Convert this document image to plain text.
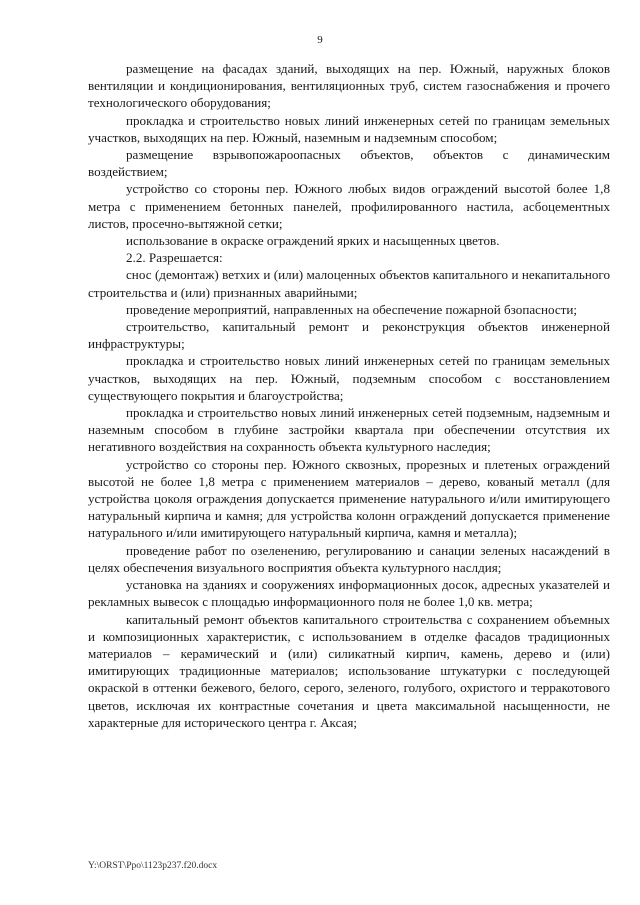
9

размещение на фасадах зданий, выходящих на пер. Южный, наружных блоков вентиляции и кондиционирования, вентиляционных труб, систем газоснабжения и прочего технологического оборудования;

прокладка и строительство новых линий инженерных сетей по границам земельных участков, выходящих на пер. Южный, наземным и надземным способом;

размещение взрывопожароопасных объектов, объектов с динамическим воздействием;

устройство со стороны пер. Южного любых видов ограждений высотой более 1,8 метра с применением бетонных панелей, профилированного настила, асбоцементных листов, просечно-вытяжной сетки;

использование в окраске ограждений ярких и насыщенных цветов.

2.2. Разрешается:

снос (демонтаж) ветхих и (или) малоценных объектов капитального и некапитального строительства и (или) признанных аварийными;

проведение мероприятий, направленных на обеспечение пожарной бзопасности;

строительство, капитальный ремонт и реконструкция объектов инженерной инфраструктуры;

прокладка и строительство новых линий инженерных сетей по границам земельных участков, выходящих на пер. Южный, подземным способом с восстановлением существующего покрытия и благоустройства;

прокладка и строительство новых линий инженерных сетей подземным, надземным и наземным способом в глубине застройки квартала при обеспечении отсутствия их негативного воздействия на сохранность объекта культурного наследия;

устройство со стороны пер. Южного сквозных, прорезных и плетеных ограждений высотой не более 1,8 метра с применением материалов – дерево, кованый металл (для устройства цоколя ограждения допускается применение натурального и/или имитирующего натуральный кирпича и камня; для устройства колонн ограждений допускается применение натурального и/или имитирующего натуральный кирпича, камня и металла);

проведение работ по озеленению, регулированию и санации зеленых насаждений в целях обеспечения визуального восприятия объекта культурного наслдия;

установка на зданиях и сооружениях информационных досок, адресных указателей и рекламных вывесок с площадью информационного поля не более 1,0 кв. метра;

капитальный ремонт объектов капитального строительства с сохранением объемных и композиционных характеристик, с использованием в отделке фасадов традиционных материалов – керамический и (или) силикатный кирпич, камень, дерево и (или) имитирующих традиционные материалов; использование штукатурки с последующей окраской в оттенки бежевого, белого, серого, зеленого, голубого, охристого и терракотового цветов, исключая их контрастные сочетания и цвета максимальной насыщенности, не характерные для исторического центра г. Аксая;

Y:\ORST\Ppo\1123p237.f20.docx
